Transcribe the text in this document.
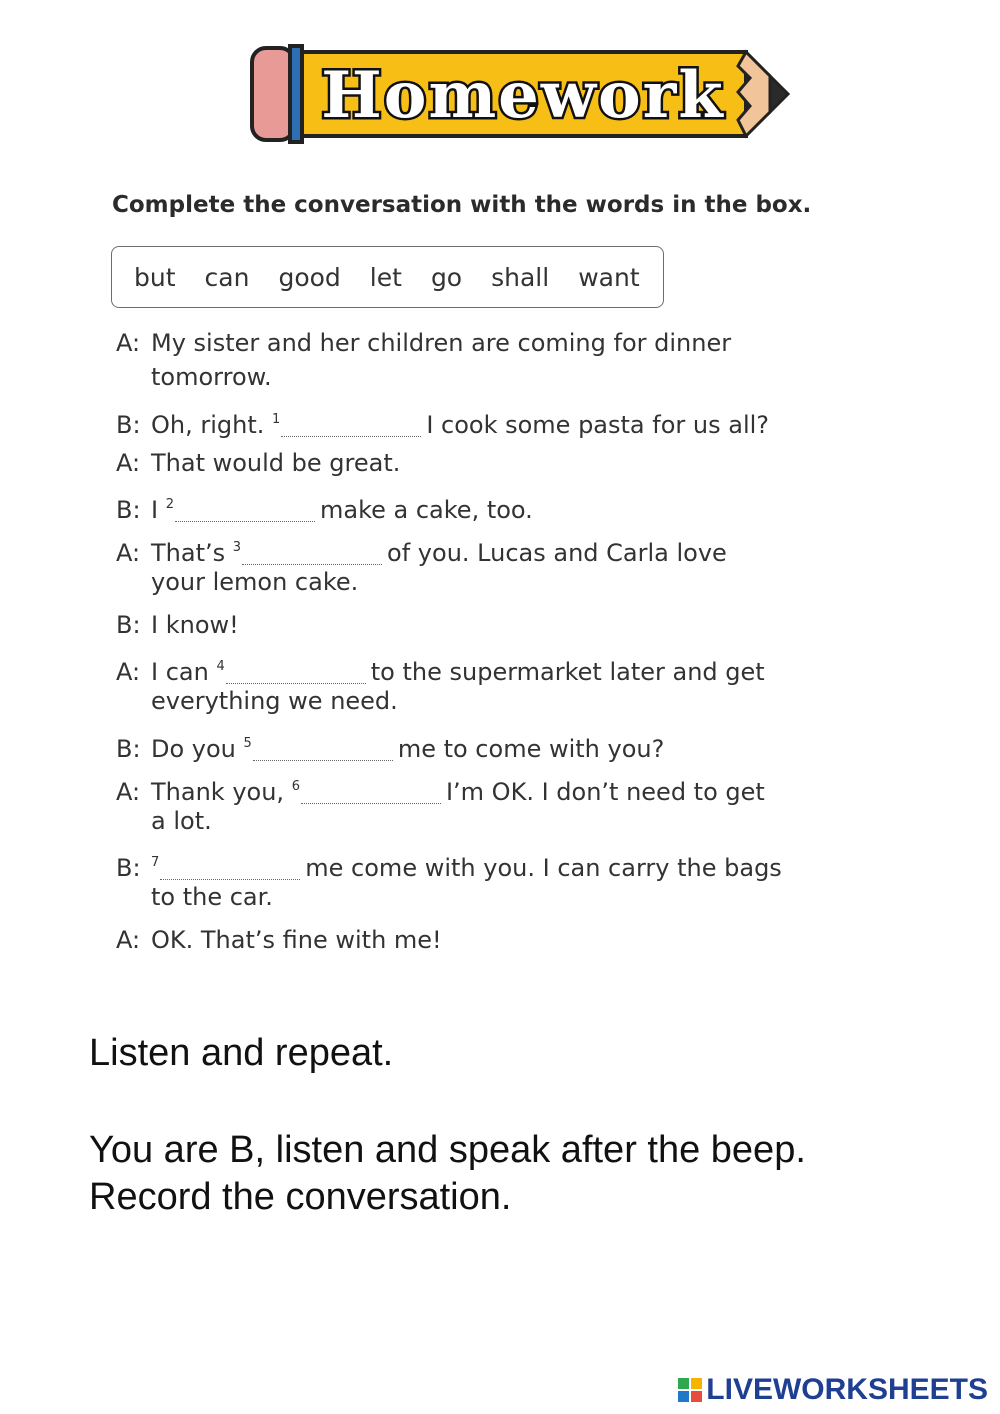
Homework
Complete the conversation with the words in the box.
but can good let go shall want
A: My sister and her children are coming for dinner
tomorrow.
B: Oh, right. $^1$	I cook some pasta for us all?
A: That would be great.
B: I $^2$	make a cake, too.
A: That’s $^3$	of you. Lucas and Carla love
your lemon cake.
B: I know!
A: I can $^4$	to the supermarket later and get
everything we need.
B: Do you $^5$	me to come with you?
A: Thank you, $^6$	I’m OK. I don’t need to get
a lot.
B: $^7$	me come with you. I can carry the bags
to the car.
A: OK. That’s fine with me!
Listen and repeat.
You are B, listen and speak after the beep.
Record the conversation.
LIVEWORKSHEETS
